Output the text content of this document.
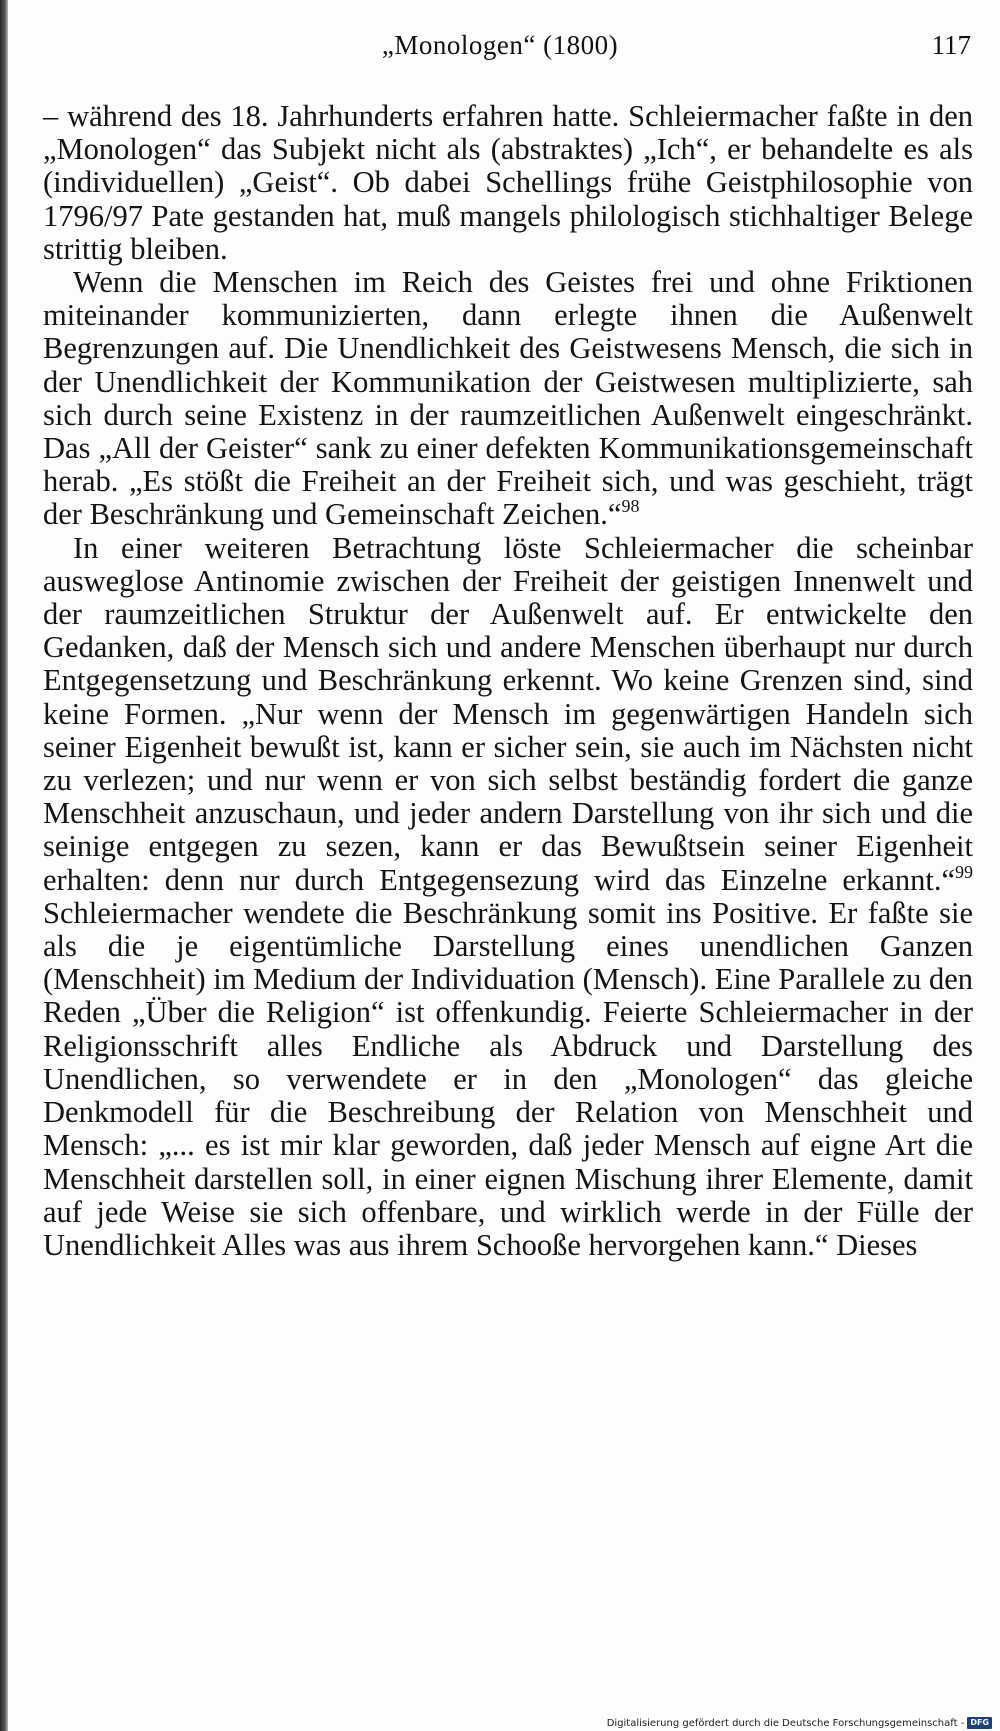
„Monologen“ (1800)	117

– während des 18. Jahrhunderts erfahren hatte. Schleiermacher faßte in den „Monologen“ das Subjekt nicht als (abstraktes) „Ich“, er behandelte es als (individuellen) „Geist“. Ob dabei Schellings frühe Geistphilosophie von 1796/97 Pate gestanden hat, muß mangels philologisch stichhaltiger Belege strittig bleiben.

Wenn die Menschen im Reich des Geistes frei und ohne Friktionen miteinander kommunizierten, dann erlegte ihnen die Außenwelt Begrenzungen auf. Die Unendlichkeit des Geistwesens Mensch, die sich in der Unendlichkeit der Kommunikation der Geistwesen multiplizierte, sah sich durch seine Existenz in der raumzeitlichen Außenwelt eingeschränkt. Das „All der Geister“ sank zu einer defekten Kommunikationsgemeinschaft herab. „Es stößt die Freiheit an der Freiheit sich, und was geschieht, trägt der Beschränkung und Gemeinschaft Zeichen.“$^{98}$

In einer weiteren Betrachtung löste Schleiermacher die scheinbar ausweglose Antinomie zwischen der Freiheit der geistigen Innenwelt und der raumzeitlichen Struktur der Außenwelt auf. Er entwickelte den Gedanken, daß der Mensch sich und andere Menschen überhaupt nur durch Entgegensetzung und Beschränkung erkennt. Wo keine Grenzen sind, sind keine Formen. „Nur wenn der Mensch im gegenwärtigen Handeln sich seiner Eigenheit bewußt ist, kann er sicher sein, sie auch im Nächsten nicht zu verlezen; und nur wenn er von sich selbst beständig fordert die ganze Menschheit anzuschaun, und jeder andern Darstellung von ihr sich und die seinige entgegen zu sezen, kann er das Bewußtsein seiner Eigenheit erhalten: denn nur durch Entgegensezung wird das Einzelne erkannt.“$^{99}$ Schleiermacher wendete die Beschränkung somit ins Positive. Er faßte sie als die je eigentümliche Darstellung eines unendlichen Ganzen (Menschheit) im Medium der Individuation (Mensch). Eine Parallele zu den Reden „Über die Religion“ ist offenkundig. Feierte Schleiermacher in der Religionsschrift alles Endliche als Abdruck und Darstellung des Unendlichen, so verwendete er in den „Monologen“ das gleiche Denkmodell für die Beschreibung der Relation von Menschheit und Mensch: „... es ist mir klar geworden, daß jeder Mensch auf eigne Art die Menschheit darstellen soll, in einer eignen Mischung ihrer Elemente, damit auf jede Weise sie sich offenbare, und wirklich werde in der Fülle der Unendlichkeit Alles was aus ihrem Schooße hervorgehen kann.“ Dieses

Digitalisierung gefördert durch die Deutsche Forschungsgemeinschaft - DFG
